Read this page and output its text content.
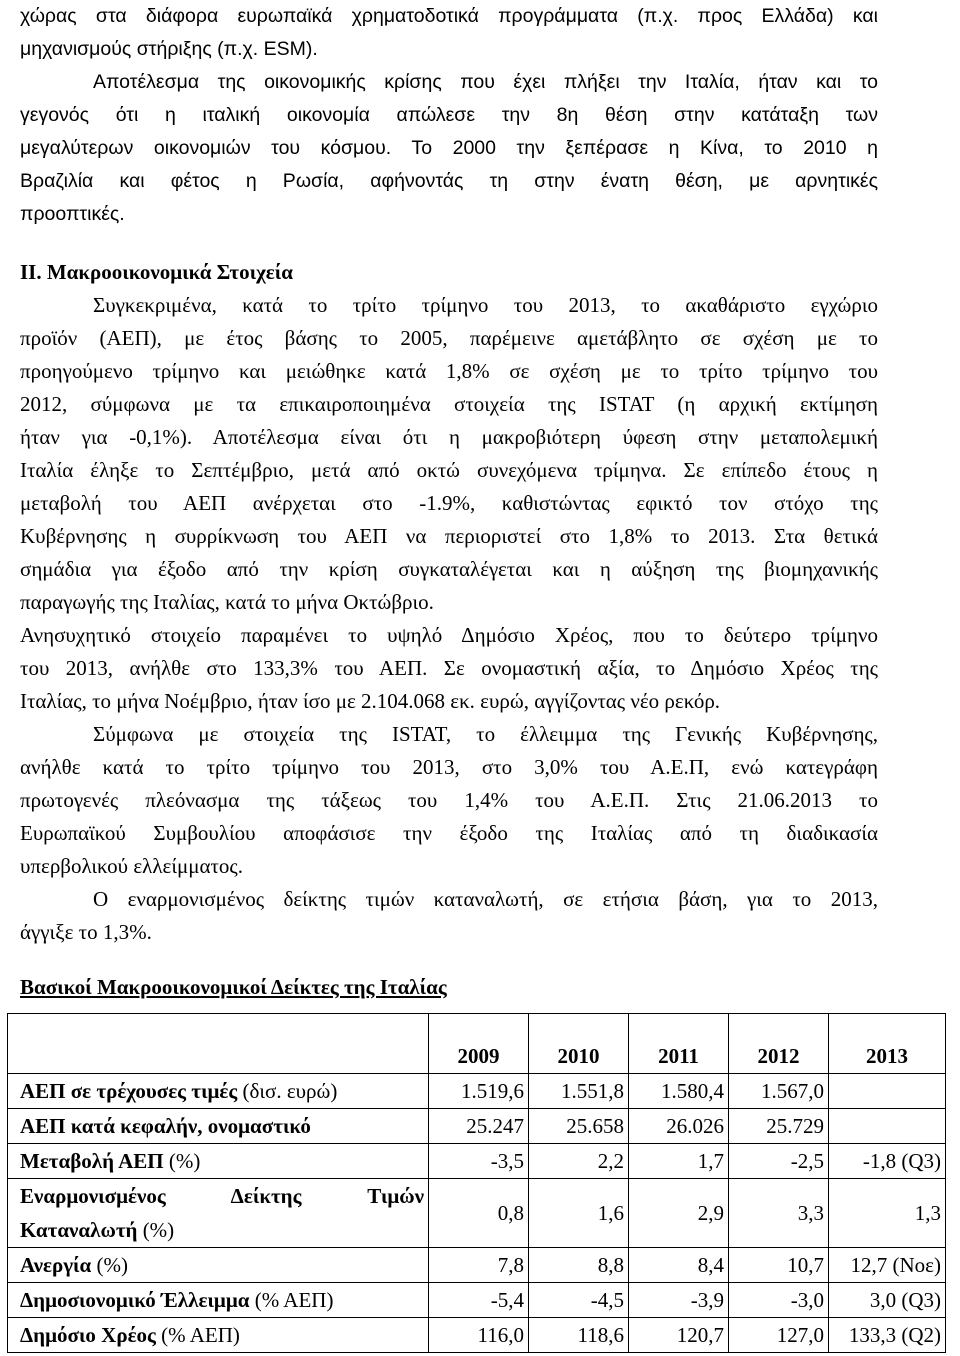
χώρας στα διάφορα ευρωπαϊκά χρηματοδοτικά προγράμματα (π.χ. προς Ελλάδα) και
μηχανισμούς στήριξης (π.χ. ESM).
Αποτέλεσμα της οικονομικής κρίσης που έχει πλήξει την Ιταλία, ήταν και το
γεγονός ότι η ιταλική οικονομία απώλεσε την 8η θέση στην κατάταξη των
μεγαλύτερων οικονομιών του κόσμου. Το 2000 την ξεπέρασε η Κίνα, το 2010 η
Βραζιλία και φέτος η Ρωσία, αφήνοντάς τη στην ένατη θέση, με αρνητικές
προοπτικές.
ΙΙ. Μακροοικονομικά Στοιχεία
Συγκεκριμένα, κατά το τρίτο τρίμηνο του 2013, το ακαθάριστο εγχώριο
προϊόν (ΑΕΠ), με έτος βάσης το 2005, παρέμεινε αμετάβλητο σε σχέση με το
προηγούμενο τρίμηνο και μειώθηκε κατά 1,8% σε σχέση με το τρίτο τρίμηνο του
2012, σύμφωνα με τα επικαιροποιημένα στοιχεία της ISTAT (η αρχική εκτίμηση
ήταν για -0,1%). Αποτέλεσμα είναι ότι η μακροβιότερη ύφεση στην μεταπολεμική
Ιταλία έληξε το Σεπτέμβριο, μετά από οκτώ συνεχόμενα τρίμηνα. Σε επίπεδο έτους η
μεταβολή του ΑΕΠ ανέρχεται στο -1.9%, καθιστώντας εφικτό τον στόχο της
Κυβέρνησης η συρρίκνωση του ΑΕΠ να περιοριστεί στο 1,8% το 2013. Στα θετικά
σημάδια για έξοδο από την κρίση συγκαταλέγεται και η αύξηση της βιομηχανικής
παραγωγής της Ιταλίας, κατά το μήνα Οκτώβριο.
Ανησυχητικό στοιχείο παραμένει το υψηλό Δημόσιο Χρέος, που το δεύτερο τρίμηνο
του 2013, ανήλθε στο 133,3% του ΑΕΠ. Σε ονομαστική αξία, το Δημόσιο Χρέος της
Ιταλίας, το μήνα Νοέμβριο, ήταν ίσο με 2.104.068 εκ. ευρώ, αγγίζοντας νέο ρεκόρ.
Σύμφωνα με στοιχεία της ISTAT, το έλλειμμα της Γενικής Κυβέρνησης,
ανήλθε κατά το τρίτο τρίμηνο του 2013, στο 3,0% του Α.Ε.Π, ενώ κατεγράφη
πρωτογενές πλεόνασμα της τάξεως του 1,4% του Α.Ε.Π. Στις 21.06.2013 το
Ευρωπαϊκού Συμβουλίου αποφάσισε την έξοδο της Ιταλίας από τη διαδικασία
υπερβολικού ελλείμματος.
Ο εναρμονισμένος δείκτης τιμών καταναλωτή, σε ετήσια βάση, για το 2013,
άγγιξε το 1,3%.
Βασικοί Μακροοικονομικοί Δείκτες της Ιταλίας
	2009	2010	2011	2012	2013
ΑΕΠ σε τρέχουσες τιμές (δισ. ευρώ)	1.519,6	1.551,8	1.580,4	1.567,0	
ΑΕΠ κατά κεφαλήν, ονομαστικό	25.247	25.658	26.026	25.729	
Μεταβολή ΑΕΠ (%)	-3,5	2,2	1,7	-2,5	-1,8 (Q3)

Εναρμονισμένος Δείκτης Τιμών
Καταναλωτή (%)	0,8	1,6	2,9	3,3	1,3
Ανεργία (%)	7,8	8,8	8,4	10,7	12,7 (Νοε)
Δημοσιονομικό Έλλειμμα (% ΑΕΠ)	-5,4	-4,5	-3,9	-3,0	3,0 (Q3)
Δημόσιο Χρέος (% ΑΕΠ)	116,0	118,6	120,7	127,0	133,3 (Q2)
